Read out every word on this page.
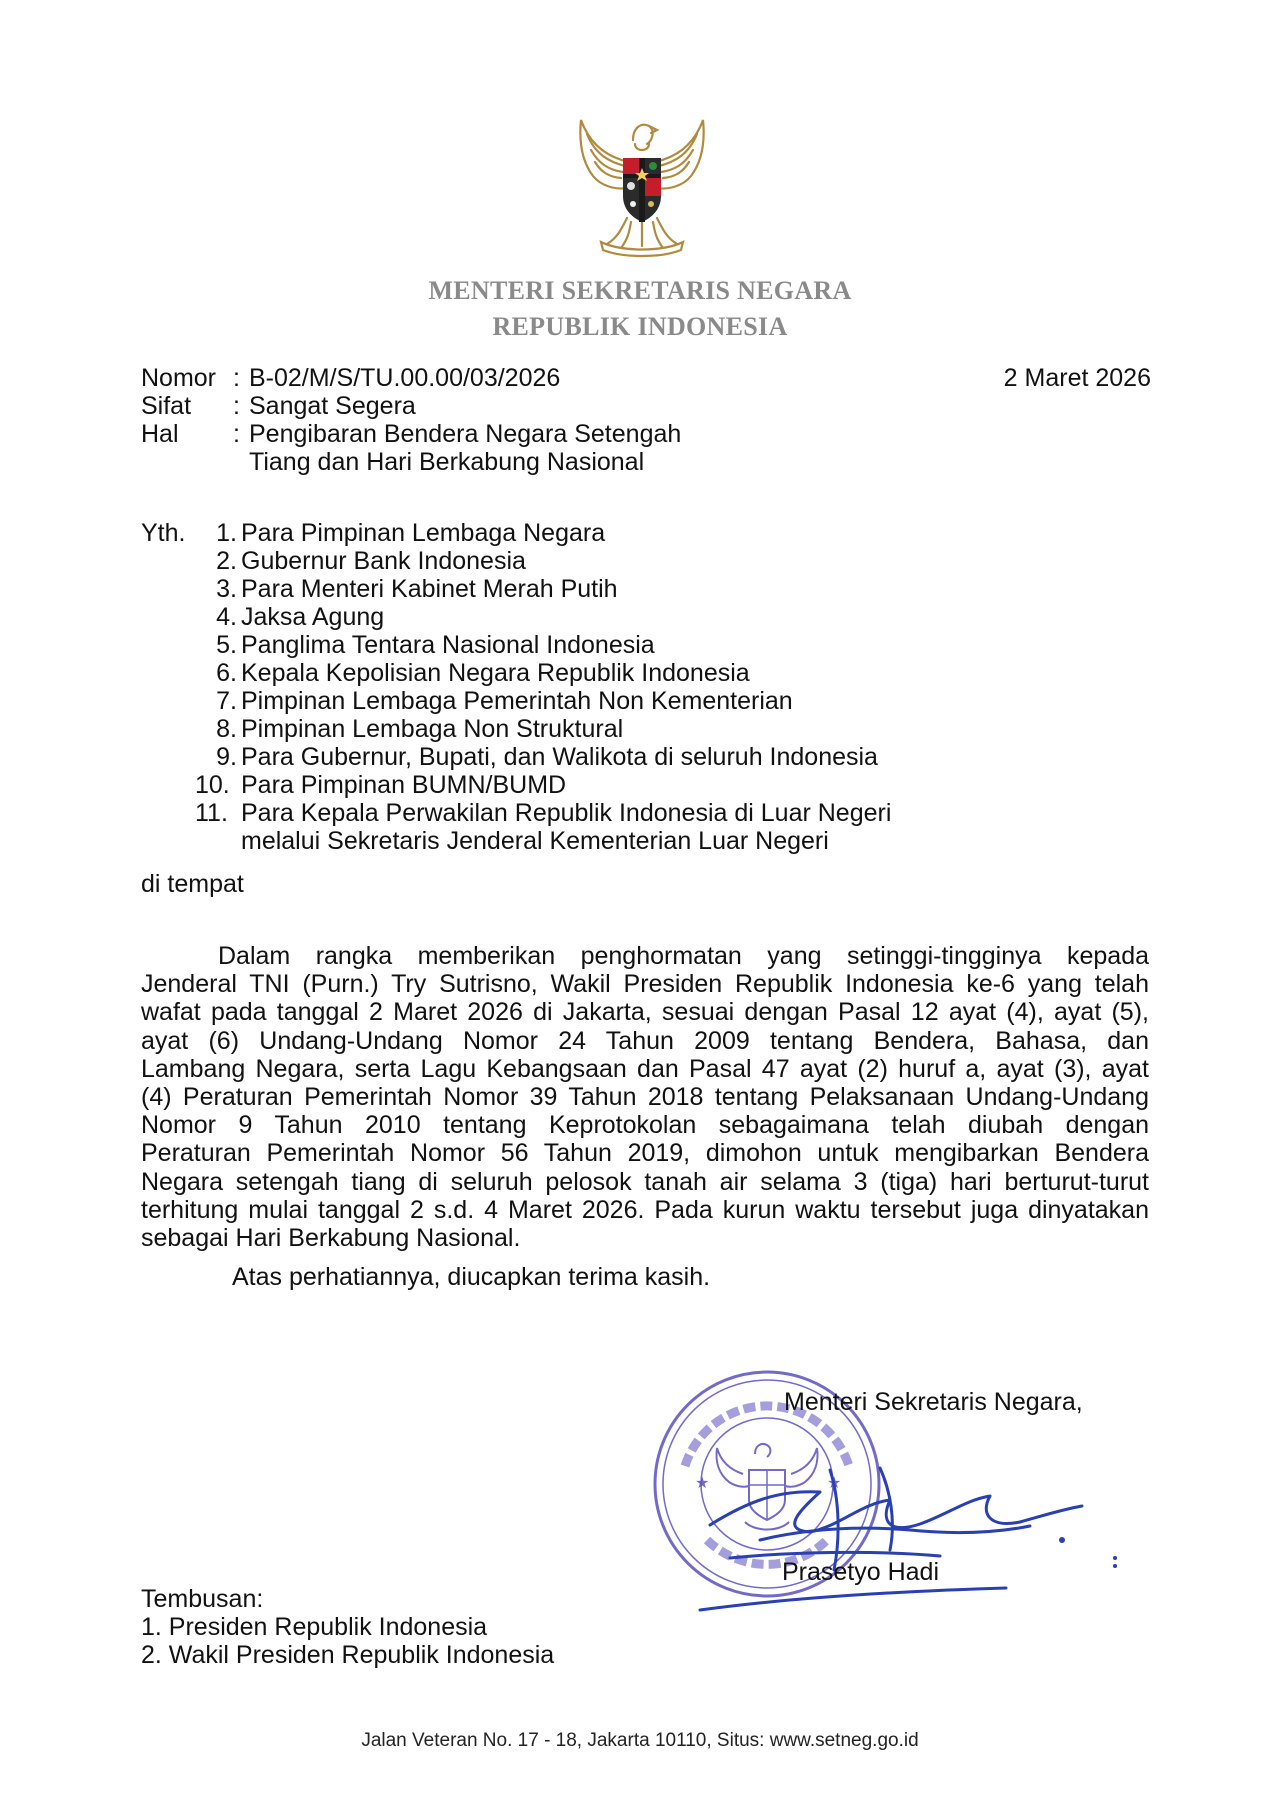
MENTERI SEKRETARIS NEGARA
REPUBLIK INDONESIA
Nomor : B-02/M/S/TU.00.00/03/2026
Sifat	: Sangat Segera
Hal	: Pengibaran Bendera Negara Setengah
Tiang dan Hari Berkabung Nasional
2 Maret 2026
Yth.	1. Para Pimpinan Lembaga Negara
2. Gubernur Bank Indonesia
3. Para Menteri Kabinet Merah Putih
4. Jaksa Agung
5. Panglima Tentara Nasional Indonesia
6. Kepala Kepolisian Negara Republik Indonesia
7. Pimpinan Lembaga Pemerintah Non Kementerian
8. Pimpinan Lembaga Non Struktural
9. Para Gubernur, Bupati, dan Walikota di seluruh Indonesia
10. Para Pimpinan BUMN/BUMD
11. Para Kepala Perwakilan Republik Indonesia di Luar Negeri
melalui Sekretaris Jenderal Kementerian Luar Negeri
di tempat
Dalam rangka memberikan penghormatan yang setinggi-tingginya kepada
Jenderal TNI (Purn.) Try Sutrisno, Wakil Presiden Republik Indonesia ke-6 yang telah
wafat pada tanggal 2 Maret 2026 di Jakarta, sesuai dengan Pasal 12 ayat (4), ayat (5),
ayat (6) Undang-Undang Nomor 24 Tahun 2009 tentang Bendera, Bahasa, dan
Lambang Negara, serta Lagu Kebangsaan dan Pasal 47 ayat (2) huruf a, ayat (3), ayat
(4) Peraturan Pemerintah Nomor 39 Tahun 2018 tentang Pelaksanaan Undang-Undang
Nomor 9 Tahun 2010 tentang Keprotokolan sebagaimana telah diubah dengan
Peraturan Pemerintah Nomor 56 Tahun 2019, dimohon untuk mengibarkan Bendera
Negara setengah tiang di seluruh pelosok tanah air selama 3 (tiga) hari berturut-turut
terhitung mulai tanggal 2 s.d. 4 Maret 2026. Pada kurun waktu tersebut juga dinyatakan
sebagai Hari Berkabung Nasional.
Atas perhatiannya, diucapkan terima kasih.
★	★
Menteri Sekretaris Negara,
Prasetyo Hadi
Tembusan:
1. Presiden Republik Indonesia
2. Wakil Presiden Republik Indonesia
Jalan Veteran No. 17 - 18, Jakarta 10110, Situs: www.setneg.go.id
